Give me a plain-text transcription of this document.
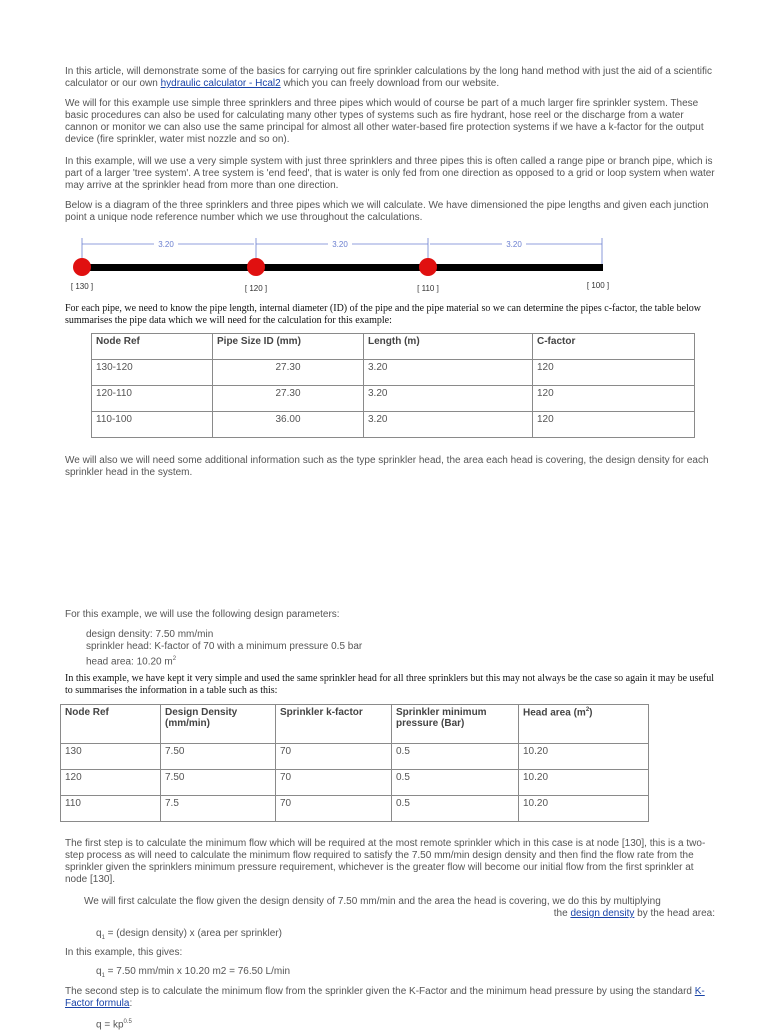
In this article, will demonstrate some of the basics for carrying out fire sprinkler calculations by the long hand method with just the aid of a scientific calculator or our own hydraulic calculator - Hcal2 which you can freely download from our website.

We will for this example use simple three sprinklers and three pipes which would of course be part of a much larger fire sprinkler system. These basic procedures can also be used for calculating many other types of systems such as fire hydrant, hose reel or the discharge from a water cannon or monitor we can also use the same principal for almost all other water-based fire protection systems if we have a k-factor for the output device (fire sprinkler, water mist nozzle and so on).

In this example, will we use a very simple system with just three sprinklers and three pipes this is often called a range pipe or branch pipe, which is part of a larger 'tree system'. A tree system is 'end feed', that is water is only fed from one direction as opposed to a grid or loop system when water may arrive at the sprinkler head from more than one direction.

Below is a diagram of the three sprinklers and three pipes which we will calculate. We have dimensioned the pipe lengths and given each junction point a unique node reference number which we use throughout the calculations.

3.20	3.20	3.20
[ 130 ]	[ 120 ]	[ 110 ]	[ 100 ]

For each pipe, we need to know the pipe length, internal diameter (ID) of the pipe and the pipe material so we can determine the pipes c-factor, the table below summarises the pipe data which we will need for the calculation for this example:

Node Ref	Pipe Size ID (mm)	Length (m)	C-factor
130-120	27.30	3.20	120
120-110	27.30	3.20	120
110-100	36.00	3.20	120

We will also we will need some additional information such as the type sprinkler head, the area each head is covering, the design density for each sprinkler head in the system.

For this example, we will use the following design parameters:

design density: 7.50 mm/min

sprinkler head: K-factor of 70 with a minimum pressure 0.5 bar

head area: 10.20 $m^2$

In this example, we have kept it very simple and used the same sprinkler head for all three sprinklers but this may not always be the case so again it may be useful to summarises the information in a table such as this:

Node Ref	Design Density (mm/min)	Sprinkler k-factor	Sprinkler minimum pressure (Bar)	Head area $(m^2)$
130	7.50	70	0.5	10.20
120	7.50	70	0.5	10.20
110	7.5	70	0.5	10.20

The first step is to calculate the minimum flow which will be required at the most remote sprinkler which in this case is at node [130], this is a two-step process as will need to calculate the minimum flow required to satisfy the 7.50 mm/min design density and then find the flow rate from the sprinkler given the sprinklers minimum pressure requirement, whichever is the greater flow will become our initial flow from the first sprinkler at node [130].

We will first calculate the flow given the design density of 7.50 mm/min and the area the head is covering, we do this by multiplying

the design density by the head area:

$q_1$ = (design density) x (area per sprinkler)

In this example, this gives:

$q_1 = 7.50$ mm/min x 10.20 m2 = 76.50 L/min

The second step is to calculate the minimum flow from the sprinkler given the K-Factor and the minimum head pressure by using the standard K-Factor formula:

$q = kp^{0.5}$
